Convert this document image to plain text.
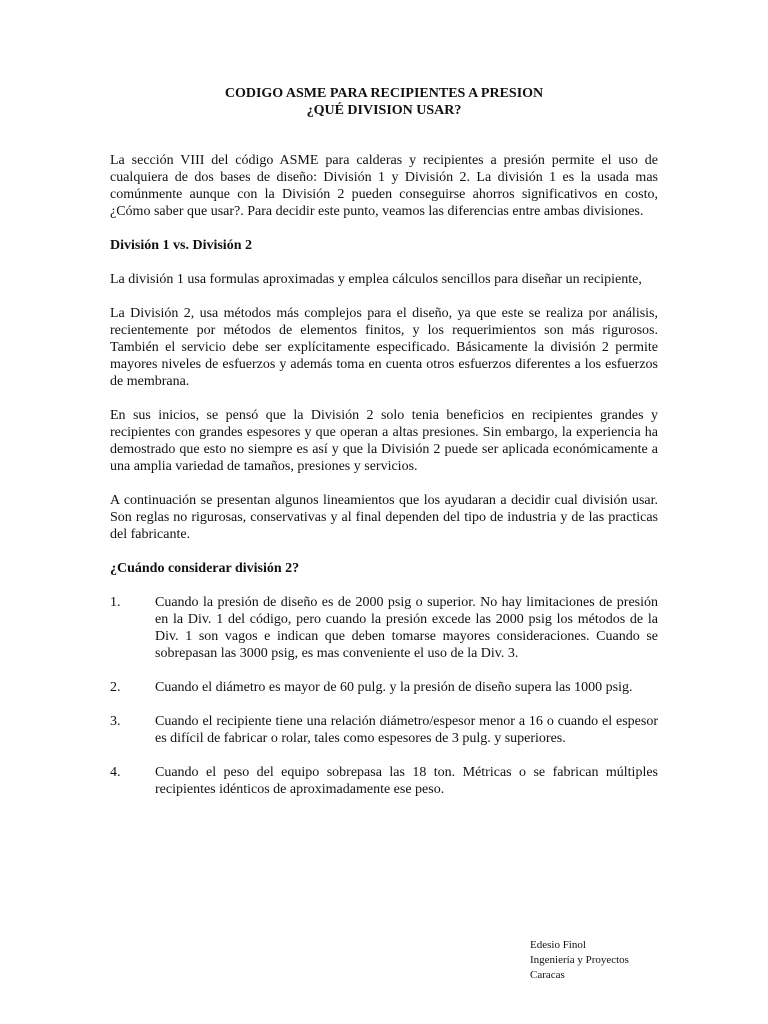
CODIGO ASME PARA RECIPIENTES A PRESION
¿QUÉ DIVISION USAR?

La sección VIII del código ASME para calderas y recipientes a presión permite el uso de cualquiera de dos bases de diseño: División 1 y División 2. La división 1 es la usada mas comúnmente aunque con la División 2 pueden conseguirse ahorros significativos en costo, ¿Cómo saber que usar?. Para decidir este punto, veamos las diferencias entre ambas divisiones.

División 1 vs. División 2

La división 1 usa formulas aproximadas y emplea cálculos sencillos para diseñar un recipiente,

La División 2, usa métodos más complejos para el diseño, ya que este se realiza por análisis, recientemente por métodos de elementos finitos, y los requerimientos son más rigurosos. También el servicio debe ser explícitamente especificado. Básicamente la división 2 permite mayores niveles de esfuerzos y además toma en cuenta otros esfuerzos diferentes a los esfuerzos de membrana.

En sus inicios, se pensó que la División 2 solo tenia beneficios en recipientes grandes y recipientes con grandes espesores y que operan a altas presiones. Sin embargo, la experiencia ha demostrado que esto no siempre es así y que la División 2 puede ser aplicada económicamente a una amplia variedad de tamaños, presiones y servicios.

A continuación se presentan algunos lineamientos que los ayudaran a decidir cual división usar. Son reglas no rigurosas, conservativas y al final dependen del tipo de industria y de las practicas del fabricante.

¿Cuándo considerar división 2?
1.	Cuando la presión de diseño es de 2000 psig o superior. No hay limitaciones de presión en la Div. 1 del código, pero cuando la presión excede las 2000 psig los métodos de la Div. 1 son vagos e indican que deben tomarse mayores consideraciones. Cuando se sobrepasan las 3000 psig, es mas conveniente el uso de la Div. 3.
2.	Cuando el diámetro es mayor de 60 pulg. y la presión de diseño supera las 1000 psig.
3.	Cuando el recipiente tiene una relación diámetro/espesor menor a 16 o cuando el espesor es difícil de fabricar o rolar, tales como espesores de 3 pulg. y superiores.
4.	Cuando el peso del equipo sobrepasa las 18 ton. Métricas o se fabrican múltiples recipientes idénticos de aproximadamente ese peso.
Edesio Finol
Ingeniería y Proyectos
Caracas
